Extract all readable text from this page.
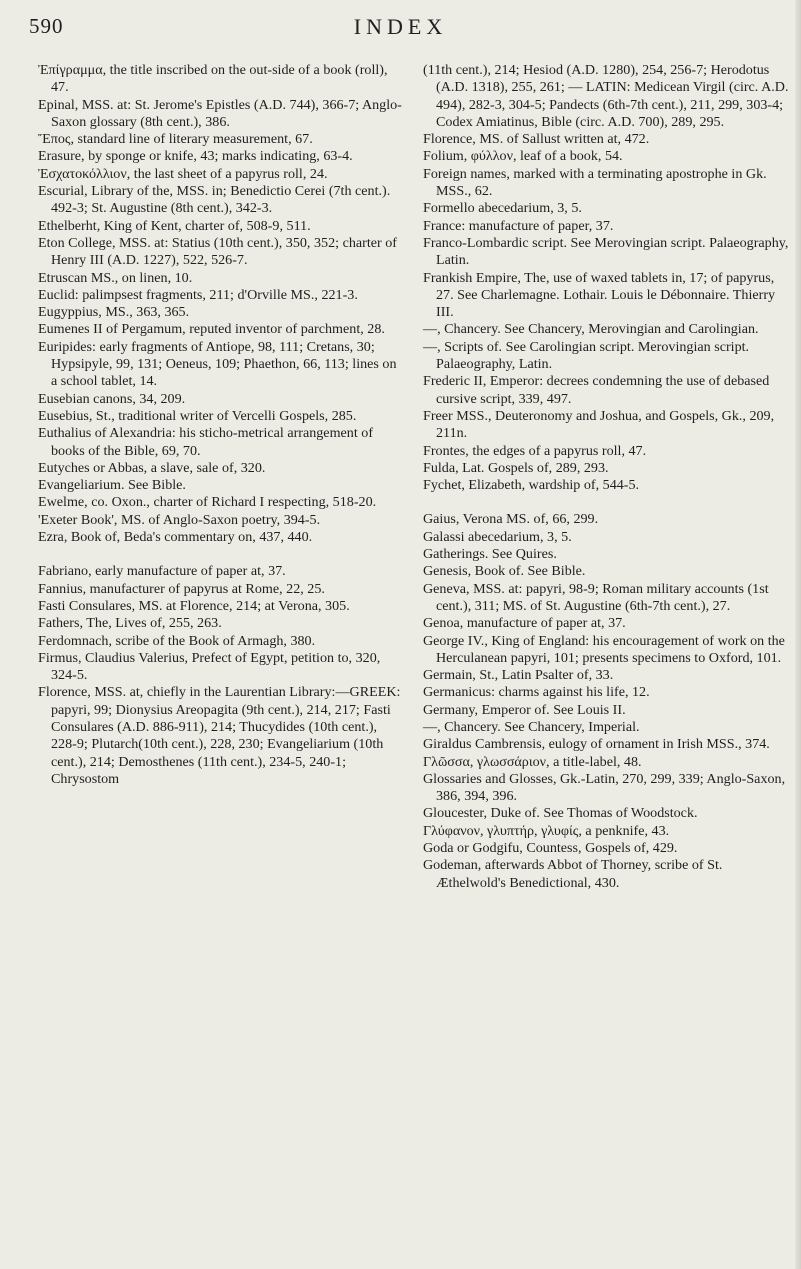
590	INDEX

Ἐπίγραμμα, the title inscribed on the out-side of a book (roll), 47.

Epinal, MSS. at: St. Jerome's Epistles (A.D. 744), 366-7; Anglo-Saxon glossary (8th cent.), 386.

Ἔπος, standard line of literary measurement, 67.

Erasure, by sponge or knife, 43; marks indicating, 63-4.

Ἐσχατοκόλλιον, the last sheet of a papyrus roll, 24.

Escurial, Library of the, MSS. in; Benedictio Cerei (7th cent.). 492-3; St. Augustine (8th cent.), 342-3.

Ethelberht, King of Kent, charter of, 508-9, 511.

Eton College, MSS. at: Statius (10th cent.), 350, 352; charter of Henry III (A.D. 1227), 522, 526-7.

Etruscan MS., on linen, 10.

Euclid: palimpsest fragments, 211; d'Orville MS., 221-3.

Eugyppius, MS., 363, 365.

Eumenes II of Pergamum, reputed inventor of parchment, 28.

Euripides: early fragments of Antiope, 98, 111; Cretans, 30; Hypsipyle, 99, 131; Oeneus, 109; Phaethon, 66, 113; lines on a school tablet, 14.

Eusebian canons, 34, 209.

Eusebius, St., traditional writer of Vercelli Gospels, 285.

Euthalius of Alexandria: his sticho-metrical arrangement of books of the Bible, 69, 70.

Eutyches or Abbas, a slave, sale of, 320.

Evangeliarium. See Bible.

Ewelme, co. Oxon., charter of Richard I respecting, 518-20.

'Exeter Book', MS. of Anglo-Saxon poetry, 394-5.

Ezra, Book of, Beda's commentary on, 437, 440.

Fabriano, early manufacture of paper at, 37.

Fannius, manufacturer of papyrus at Rome, 22, 25.

Fasti Consulares, MS. at Florence, 214; at Verona, 305.

Fathers, The, Lives of, 255, 263.

Ferdomnach, scribe of the Book of Armagh, 380.

Firmus, Claudius Valerius, Prefect of Egypt, petition to, 320, 324-5.

Florence, MSS. at, chiefly in the Laurentian Library:—GREEK: papyri, 99; Dionysius Areopagita (9th cent.), 214, 217; Fasti Consulares (A.D. 886-911), 214; Thucydides (10th cent.), 228-9; Plutarch(10th cent.), 228, 230; Evangeliarium (10th cent.), 214; Demosthenes (11th cent.), 234-5, 240-1; Chrysostom

(11th cent.), 214; Hesiod (A.D. 1280), 254, 256-7; Herodotus (A.D. 1318), 255, 261; — LATIN: Medicean Virgil (circ. A.D. 494), 282-3, 304-5; Pandects (6th-7th cent.), 211, 299, 303-4; Codex Amiatinus, Bible (circ. A.D. 700), 289, 295.

Florence, MS. of Sallust written at, 472.

Folium, φύλλον, leaf of a book, 54.

Foreign names, marked with a terminating apostrophe in Gk. MSS., 62.

Formello abecedarium, 3, 5.

France: manufacture of paper, 37.

Franco-Lombardic script. See Merovingian script. Palaeography, Latin.

Frankish Empire, The, use of waxed tablets in, 17; of papyrus, 27. See Charlemagne. Lothair. Louis le Débonnaire. Thierry III.

—, Chancery. See Chancery, Merovingian and Carolingian.

—, Scripts of. See Carolingian script. Merovingian script. Palaeography, Latin.

Frederic II, Emperor: decrees condemning the use of debased cursive script, 339, 497.

Freer MSS., Deuteronomy and Joshua, and Gospels, Gk., 209, 211n.

Frontes, the edges of a papyrus roll, 47.

Fulda, Lat. Gospels of, 289, 293.

Fychet, Elizabeth, wardship of, 544-5.

Gaius, Verona MS. of, 66, 299.

Galassi abecedarium, 3, 5.

Gatherings. See Quires.

Genesis, Book of. See Bible.

Geneva, MSS. at: papyri, 98-9; Roman military accounts (1st cent.), 311; MS. of St. Augustine (6th-7th cent.), 27.

Genoa, manufacture of paper at, 37.

George IV., King of England: his encouragement of work on the Herculanean papyri, 101; presents specimens to Oxford, 101.

Germain, St., Latin Psalter of, 33.

Germanicus: charms against his life, 12.

Germany, Emperor of. See Louis II.

—, Chancery. See Chancery, Imperial.

Giraldus Cambrensis, eulogy of ornament in Irish MSS., 374.

Γλῶσσα, γλωσσάριον, a title-label, 48.

Glossaries and Glosses, Gk.-Latin, 270, 299, 339; Anglo-Saxon, 386, 394, 396.

Gloucester, Duke of. See Thomas of Woodstock.

Γλύφανον, γλυπτήρ, γλυφίς, a penknife, 43.

Goda or Godgifu, Countess, Gospels of, 429.

Godeman, afterwards Abbot of Thorney, scribe of St. Æthelwold's Benedictional, 430.
